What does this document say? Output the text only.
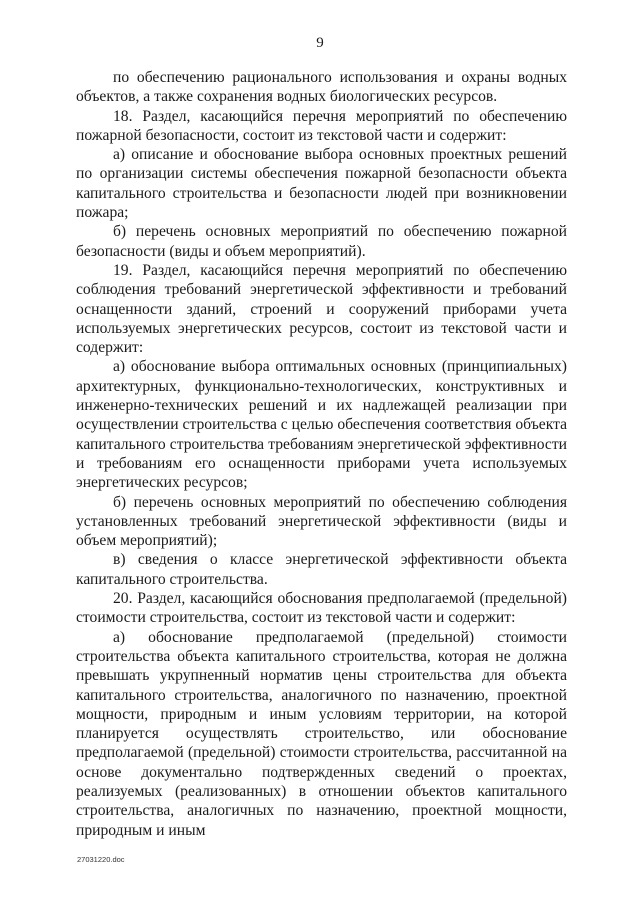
9

по обеспечению рационального использования и охраны водных объектов, а также сохранения водных биологических ресурсов.

18. Раздел, касающийся перечня мероприятий по обеспечению пожарной безопасности, состоит из текстовой части и содержит:

а) описание и обоснование выбора основных проектных решений по организации системы обеспечения пожарной безопасности объекта капитального строительства и безопасности людей при возникновении пожара;

б) перечень основных мероприятий по обеспечению пожарной безопасности (виды и объем мероприятий).

19. Раздел, касающийся перечня мероприятий по обеспечению соблюдения требований энергетической эффективности и требований оснащенности зданий, строений и сооружений приборами учета используемых энергетических ресурсов, состоит из текстовой части и содержит:

а) обоснование выбора оптимальных основных (принципиальных) архитектурных, функционально-технологических, конструктивных и инженерно-технических решений и их надлежащей реализации при осуществлении строительства с целью обеспечения соответствия объекта капитального строительства требованиям энергетической эффективности и требованиям его оснащенности приборами учета используемых энергетических ресурсов;

б) перечень основных мероприятий по обеспечению соблюдения установленных требований энергетической эффективности (виды и объем мероприятий);

в) сведения о классе энергетической эффективности объекта капитального строительства.

20. Раздел, касающийся обоснования предполагаемой (предельной) стоимости строительства, состоит из текстовой части и содержит:

а) обоснование предполагаемой (предельной) стоимости строительства объекта капитального строительства, которая не должна превышать укрупненный норматив цены строительства для объекта капитального строительства, аналогичного по назначению, проектной мощности, природным и иным условиям территории, на которой планируется осуществлять строительство, или обоснование предполагаемой (предельной) стоимости строительства, рассчитанной на основе документально подтвержденных сведений о проектах, реализуемых (реализованных) в отношении объектов капитального строительства, аналогичных по назначению, проектной мощности, природным и иным

27031220.doc
